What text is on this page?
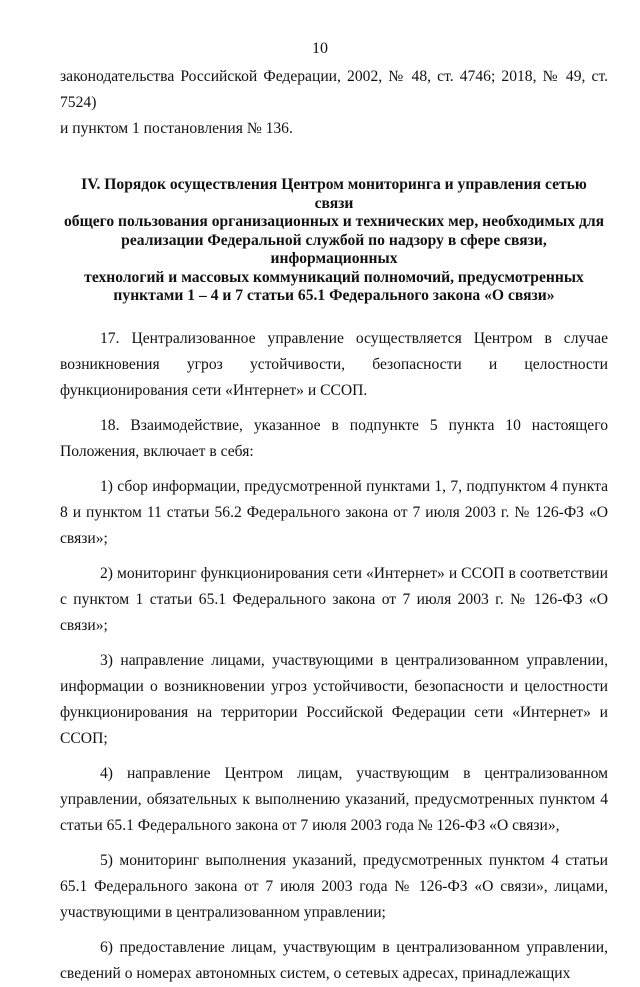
10

законодательства Российской Федерации, 2002, № 48, ст. 4746; 2018, № 49, ст. 7524)

и пунктом 1 постановления № 136.

IV. Порядок осуществления Центром мониторинга и управления сетью связи
общего пользования организационных и технических мер, необходимых для
реализации Федеральной службой по надзору в сфере связи, информационных
технологий и массовых коммуникаций полномочий, предусмотренных
пунктами 1 – 4 и 7 статьи 65.1 Федерального закона «О связи»

17. Централизованное управление осуществляется Центром в случае возникновения угроз устойчивости, безопасности и целостности функционирования сети «Интернет» и ССОП.

18. Взаимодействие, указанное в подпункте 5 пункта 10 настоящего Положения, включает в себя:

1) сбор информации, предусмотренной пунктами 1, 7, подпунктом 4 пункта 8 и пунктом 11 статьи 56.2 Федерального закона от 7 июля 2003 г. № 126-ФЗ «О связи»;

2) мониторинг функционирования сети «Интернет» и ССОП в соответствии с пунктом 1 статьи 65.1 Федерального закона от 7 июля 2003 г. № 126-ФЗ «О связи»;

3) направление лицами, участвующими в централизованном управлении, информации о возникновении угроз устойчивости, безопасности и целостности функционирования на территории Российской Федерации сети «Интернет» и ССОП;

4) направление Центром лицам, участвующим в централизованном управлении, обязательных к выполнению указаний, предусмотренных пунктом 4 статьи 65.1 Федерального закона от 7 июля 2003 года № 126-ФЗ «О связи»,

5) мониторинг выполнения указаний, предусмотренных пунктом 4 статьи 65.1 Федерального закона от 7 июля 2003 года № 126-ФЗ «О связи», лицами, участвующими в централизованном управлении;

6) предоставление лицам, участвующим в централизованном управлении, сведений о номерах автономных систем, о сетевых адресах, принадлежащих
